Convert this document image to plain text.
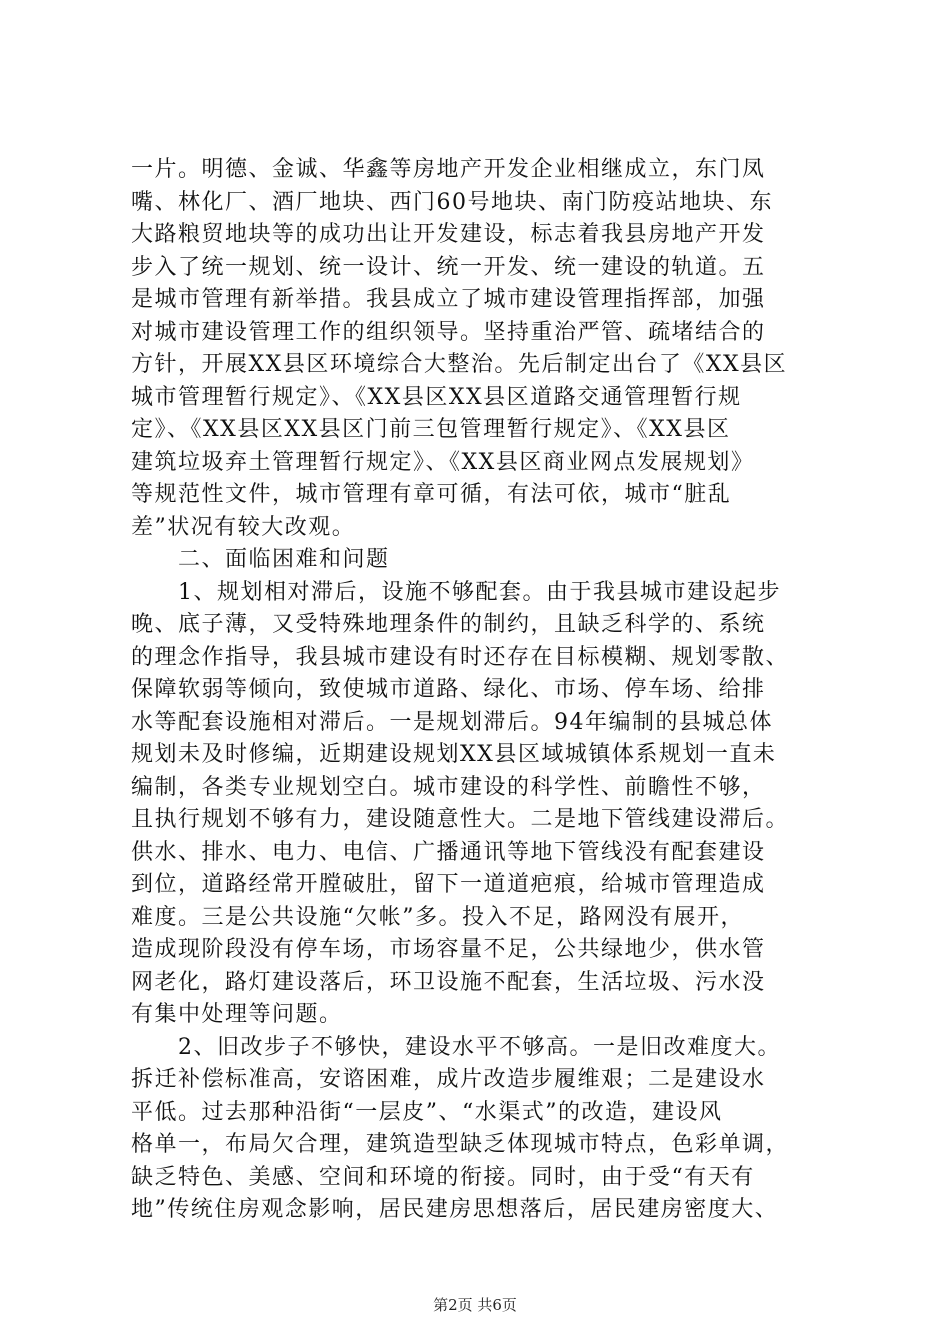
一片。明德、金诚、华鑫等房地产开发企业相继成立，东门凤
嘴、林化厂、酒厂地块、西门60号地块、南门防疫站地块、东
大路粮贸地块等的成功出让开发建设，标志着我县房地产开发
步入了统一规划、统一设计、统一开发、统一建设的轨道。五
是城市管理有新举措。我县成立了城市建设管理指挥部，加强
对城市建设管理工作的组织领导。坚持重治严管、疏堵结合的
方针，开展XX县区环境综合大整治。先后制定出台了《XX县区
城市管理暂行规定》、《XX县区XX县区道路交通管理暂行规
定》、《XX县区XX县区门前三包管理暂行规定》、《XX县区
建筑垃圾弃土管理暂行规定》、《XX县区商业网点发展规划》
等规范性文件，城市管理有章可循，有法可依，城市“脏乱
差”状况有较大改观。
　　二、面临困难和问题
　　1、规划相对滞后，设施不够配套。由于我县城市建设起步
晚、底子薄，又受特殊地理条件的制约，且缺乏科学的、系统
的理念作指导，我县城市建设有时还存在目标模糊、规划零散、
保障软弱等倾向，致使城市道路、绿化、市场、停车场、给排
水等配套设施相对滞后。一是规划滞后。94年编制的县城总体
规划未及时修编，近期建设规划XX县区域城镇体系规划一直未
编制，各类专业规划空白。城市建设的科学性、前瞻性不够，
且执行规划不够有力，建设随意性大。二是地下管线建设滞后。
供水、排水、电力、电信、广播通讯等地下管线没有配套建设
到位，道路经常开膛破肚，留下一道道疤痕，给城市管理造成
难度。三是公共设施“欠帐”多。投入不足，路网没有展开，
造成现阶段没有停车场，市场容量不足，公共绿地少，供水管
网老化，路灯建设落后，环卫设施不配套，生活垃圾、污水没
有集中处理等问题。
　　2、旧改步子不够快，建设水平不够高。一是旧改难度大。
拆迁补偿标准高，安谘困难，成片改造步履维艰；二是建设水
平低。过去那种沿街“一层皮”、“水渠式”的改造，建设风
格单一，布局欠合理，建筑造型缺乏体现城市特点，色彩单调，
缺乏特色、美感、空间和环境的衔接。同时，由于受“有天有
地”传统住房观念影响，居民建房思想落后，居民建房密度大、
第2页 共6页
